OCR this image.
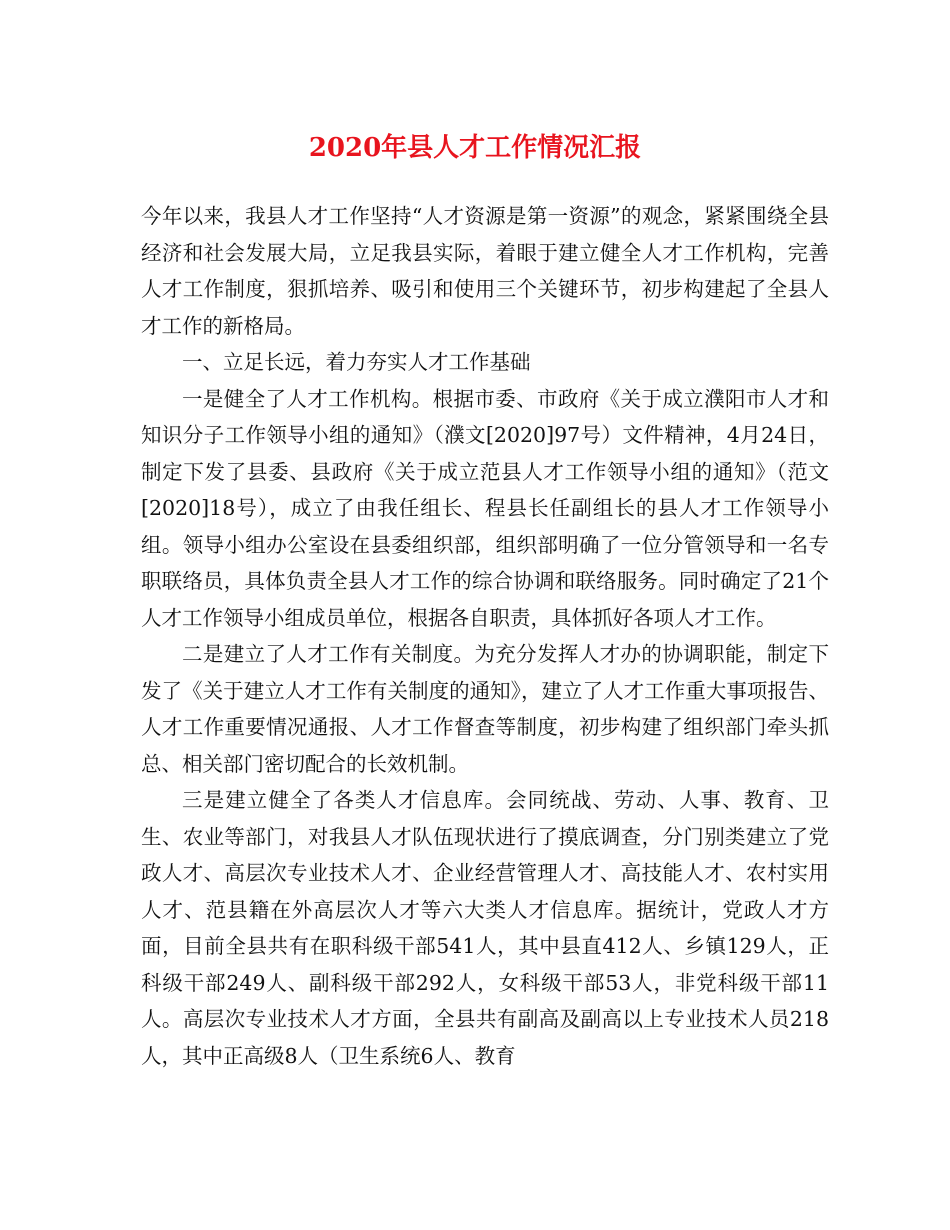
2020年县人才工作情况汇报

今年以来，我县人才工作坚持“人才资源是第一资源”的观念，紧紧围绕全县经济和社会发展大局，立足我县实际，着眼于建立健全人才工作机构，完善人才工作制度，狠抓培养、吸引和使用三个关键环节，初步构建起了全县人才工作的新格局。

一、立足长远，着力夯实人才工作基础

一是健全了人才工作机构。根据市委、市政府《关于成立濮阳市人才和知识分子工作领导小组的通知》（濮文[2020]97号）文件精神，4月24日，制定下发了县委、县政府《关于成立范县人才工作领导小组的通知》（范文[2020]18号），成立了由我任组长、程县长任副组长的县人才工作领导小组。领导小组办公室设在县委组织部，组织部明确了一位分管领导和一名专职联络员，具体负责全县人才工作的综合协调和联络服务。同时确定了21个人才工作领导小组成员单位，根据各自职责，具体抓好各项人才工作。

二是建立了人才工作有关制度。为充分发挥人才办的协调职能，制定下发了《关于建立人才工作有关制度的通知》，建立了人才工作重大事项报告、人才工作重要情况通报、人才工作督查等制度，初步构建了组织部门牵头抓总、相关部门密切配合的长效机制。

三是建立健全了各类人才信息库。会同统战、劳动、人事、教育、卫生、农业等部门，对我县人才队伍现状进行了摸底调查，分门别类建立了党政人才、高层次专业技术人才、企业经营管理人才、高技能人才、农村实用人才、范县籍在外高层次人才等六大类人才信息库。据统计，党政人才方面，目前全县共有在职科级干部541人，其中县直412人、乡镇129人，正科级干部249人、副科级干部292人，女科级干部53人，非党科级干部11人。高层次专业技术人才方面，全县共有副高及副高以上专业技术人员218人，其中正高级8人（卫生系统6人、教育
